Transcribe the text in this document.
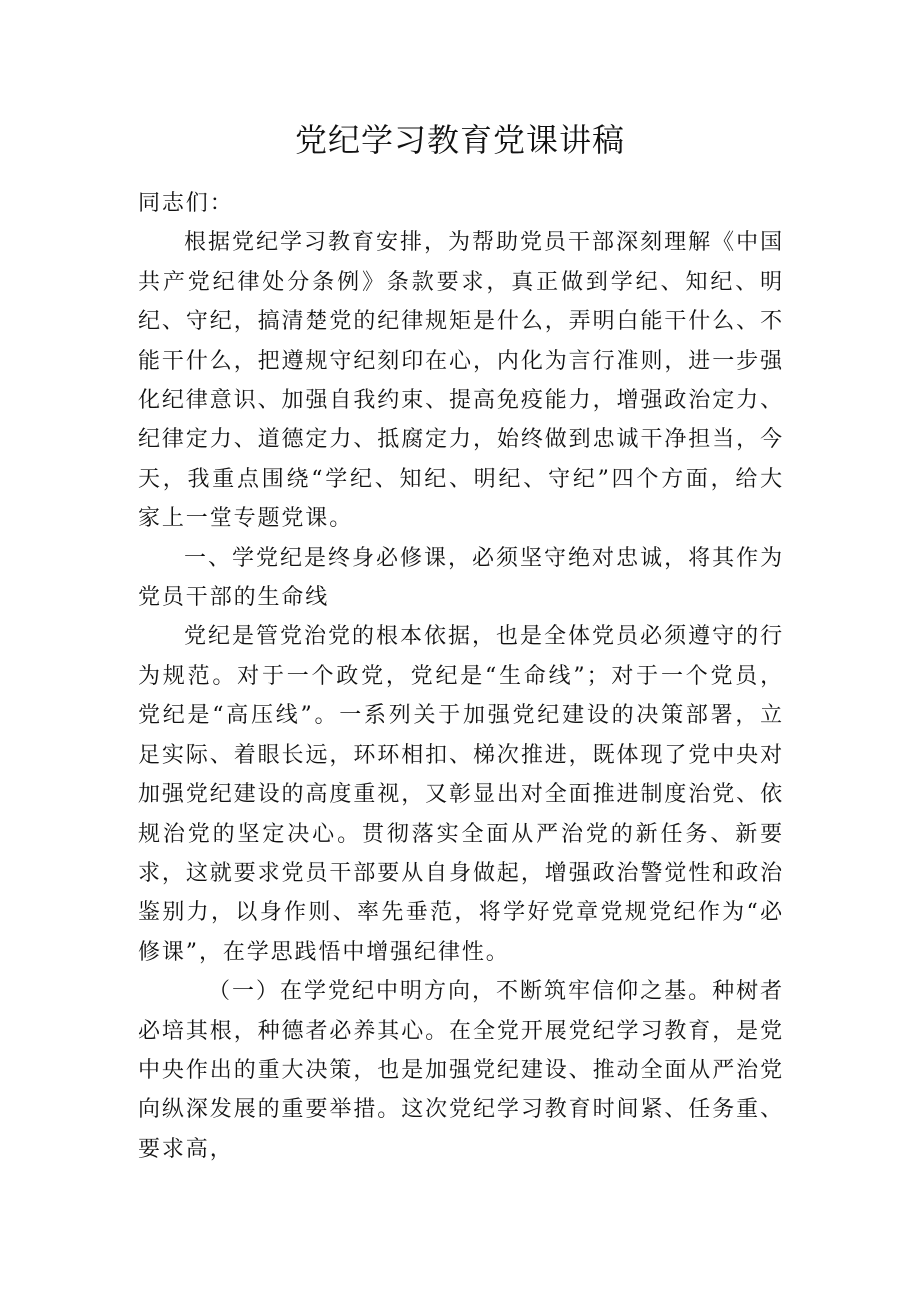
党纪学习教育党课讲稿

同志们：

根据党纪学习教育安排，为帮助党员干部深刻理解《中国共产党纪律处分条例》条款要求，真正做到学纪、知纪、明纪、守纪，搞清楚党的纪律规矩是什么，弄明白能干什么、不能干什么，把遵规守纪刻印在心，内化为言行准则，进一步强化纪律意识、加强自我约束、提高免疫能力，增强政治定力、纪律定力、道德定力、抵腐定力，始终做到忠诚干净担当，今天，我重点围绕“学纪、知纪、明纪、守纪”四个方面，给大家上一堂专题党课。

一、学党纪是终身必修课，必须坚守绝对忠诚，将其作为党员干部的生命线

党纪是管党治党的根本依据，也是全体党员必须遵守的行为规范。对于一个政党，党纪是“生命线”；对于一个党员，党纪是“高压线”。一系列关于加强党纪建设的决策部署，立足实际、着眼长远，环环相扣、梯次推进，既体现了党中央对加强党纪建设的高度重视，又彰显出对全面推进制度治党、依规治党的坚定决心。贯彻落实全面从严治党的新任务、新要求，这就要求党员干部要从自身做起，增强政治警觉性和政治鉴别力，以身作则、率先垂范，将学好党章党规党纪作为“必修课”，在学思践悟中增强纪律性。

（一）在学党纪中明方向，不断筑牢信仰之基。种树者必培其根，种德者必养其心。在全党开展党纪学习教育，是党中央作出的重大决策，也是加强党纪建设、推动全面从严治党向纵深发展的重要举措。这次党纪学习教育时间紧、任务重、要求高，
